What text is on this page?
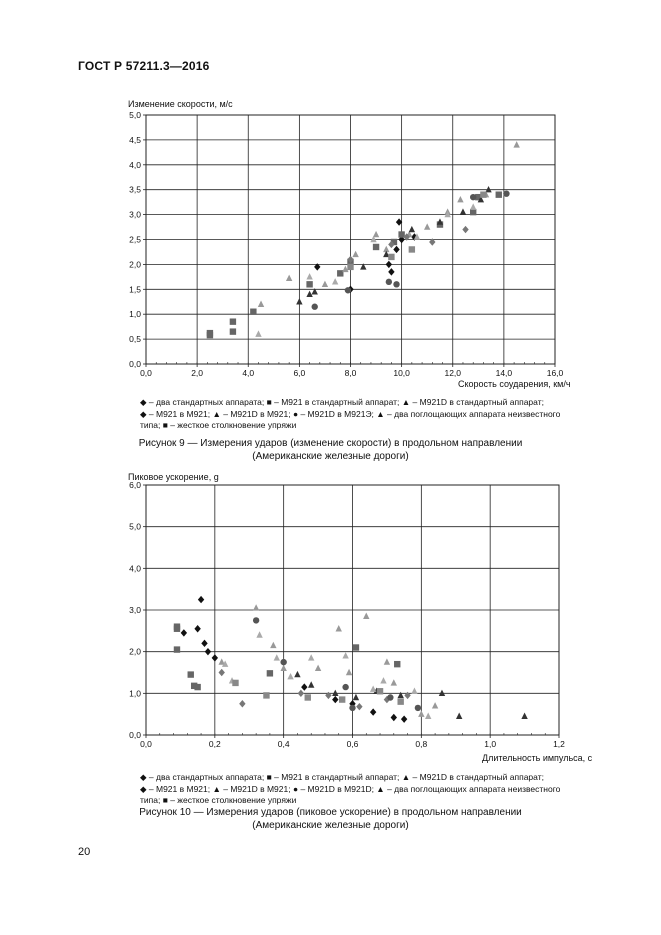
ГОСТ Р 57211.3—2016
Изменение скорости, м/с
0,0
0,5
1,0
1,5
2,0
2,5
3,0
3,5
4,0
4,5
5,0
0,0	2,0	4,0	6,0	8,0	10,0	12,0	14,0	16,0
Скорость соударения, км/ч
◆ – два стандартных аппарата; ■ – М921 в стандартный аппарат; ▲ – М921D в стандартный аппарат;
◆ – М921 в М921; ▲ – М921D в М921; ● – М921D в М921Э; ▲ – два поглощающих аппарата неизвестного
типа; ■ – жесткое столкновение упряжи
Рисунок 9 — Измерения ударов (изменение скорости) в продольном направлении
(Американские железные дороги)
Пиковое ускорение, g
0,0
1,0
2,0
3,0
4,0
5,0
6,0
0,0	0,2	0,4	0,6	0,8	1,0	1,2
Длительность импульса, с
◆ – два стандартных аппарата; ■ – М921 в стандартный аппарат; ▲ – М921D в стандартный аппарат;
◆ – М921 в М921; ▲ – М921D в М921; ● – М921D в М921D; ▲ – два поглощающих аппарата неизвестного
типа; ■ – жесткое столкновение упряжи
Рисунок 10 — Измерения ударов (пиковое ускорение) в продольном направлении
(Американские железные дороги)
20
